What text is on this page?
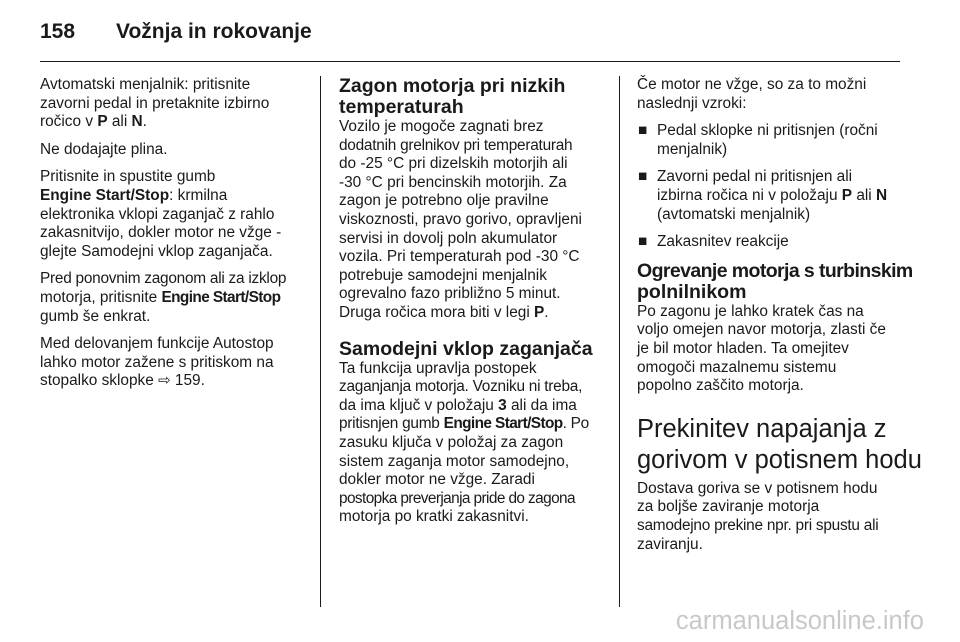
158 Vožnja in rokovanje

Avtomatski menjalnik: pritisnite
zavorni pedal in pretaknite izbirno
ročico v P ali N.

Ne dodajajte plina.

Pritisnite in spustite gumb
Engine Start/Stop: krmilna
elektronika vklopi zaganjač z rahlo
zakasnitvijo, dokler motor ne vžge -
glejte Samodejni vklop zaganjača.

Pred ponovnim zagonom ali za izklop
motorja, pritisnite Engine Start/Stop
gumb še enkrat.

Med delovanjem funkcije Autostop
lahko motor zažene s pritiskom na
stopalko sklopke ⇨ 159.

Zagon motorja pri nizkih
temperaturah

Vozilo je mogoče zagnati brez
dodatnih grelnikov pri temperaturah
do -25 °C pri dizelskih motorjih ali
-30 °C pri bencinskih motorjih. Za
zagon je potrebno olje pravilne
viskoznosti, pravo gorivo, opravljeni
servisi in dovolj poln akumulator
vozila. Pri temperaturah pod -30 °C
potrebuje samodejni menjalnik
ogrevalno fazo približno 5 minut.
Druga ročica mora biti v legi P.

Samodejni vklop zaganjača

Ta funkcija upravlja postopek
zaganjanja motorja. Vozniku ni treba,
da ima ključ v položaju 3 ali da ima
pritisnjen gumb Engine Start/Stop. Po
zasuku ključa v položaj za zagon
sistem zaganja motor samodejno,
dokler motor ne vžge. Zaradi
postopka preverjanja pride do zagona
motorja po kratki zakasnitvi.

Če motor ne vžge, so za to možni
naslednji vzroki:

■ Pedal sklopke ni pritisnjen (ročni
menjalnik)
■ Zavorni pedal ni pritisnjen ali
izbirna ročica ni v položaju P ali N
(avtomatski menjalnik)
■ Zakasnitev reakcije
Ogrevanje motorja s turbinskim
polnilnikom

Po zagonu je lahko kratek čas na
voljo omejen navor motorja, zlasti če
je bil motor hladen. Ta omejitev
omogoči mazalnemu sistemu
popolno zaščito motorja.

Prekinitev napajanja z
gorivom v potisnem hodu

Dostava goriva se v potisnem hodu
za boljše zaviranje motorja
samodejno prekine npr. pri spustu ali
zaviranju.

carmanualsonline.info
